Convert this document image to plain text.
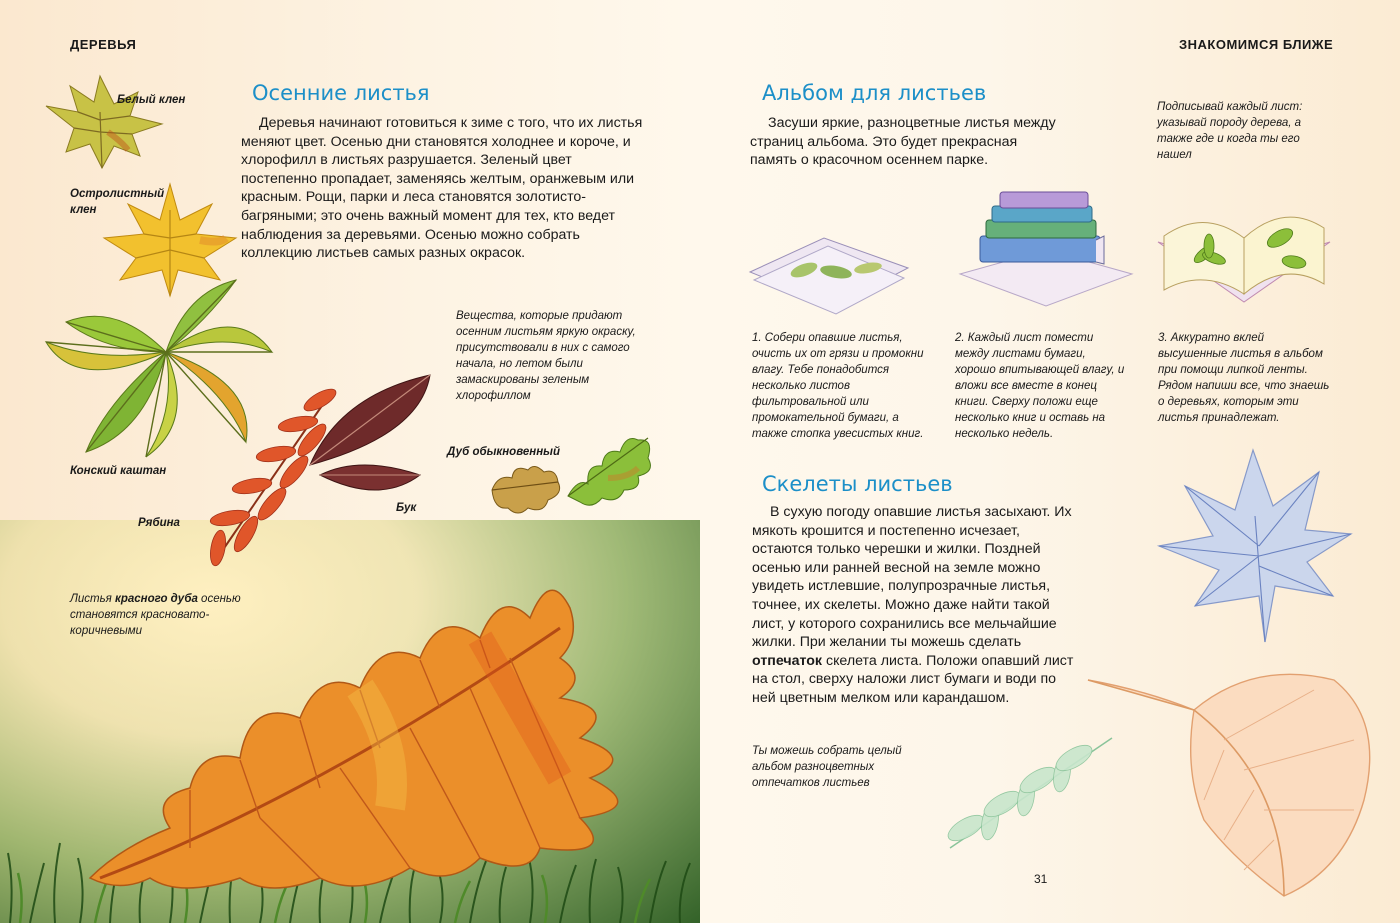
ДЕРЕВЬЯ
Осенние листья

Деревья начинают готовиться к зиме с того, что их листья меняют цвет. Осенью дни становятся холоднее и короче, и хлорофилл в листьях разрушается. Зеленый цвет постепенно пропадает, заменяясь желтым, оранжевым или красным. Рощи, парки и леса становятся золотисто-багряными; это очень важный момент для тех, кто ведет наблюдения за деревьями. Осенью можно собрать коллекцию листьев самых разных окрасок.

Белый клен
Остролистный клен
Конский каштан
Бук
Рябина
Вещества, которые придают осенним листьям яркую окраску, присутствовали в них с самого начала, но летом были замаскированы зеленым хлорофиллом
Дуб обыкновенный
Листья красного дуба осенью становятся красновато-коричневыми
ЗНАКОМИМСЯ БЛИЖЕ
Альбом для листьев

Засуши яркие, разноцветные листья между страниц альбома. Это будет прекрасная память о красочном осеннем парке.

Подписывай каждый лист: указывай породу дерева, а также где и когда ты его нашел
1. Собери опавшие листья, очисть их от грязи и промокни влагу. Тебе понадобится несколько листов фильтровальной или промокательной бумаги, а также стопка увесистых книг.
2. Каждый лист помести между листами бумаги, хорошо впитывающей влагу, и вложи все вместе в конец книги. Сверху положи еще несколько книг и оставь на несколько недель.
3. Аккуратно вклей высушенные листья в альбом при помощи липкой ленты. Рядом напиши все, что знаешь о деревьях, которым эти листья принадлежат.
Скелеты листьев

В сухую погоду опавшие листья засыхают. Их мякоть крошится и постепенно исчезает, остаются только черешки и жилки. Поздней осенью или ранней весной на земле можно увидеть истлевшие, полупрозрачные листья, точнее, их скелеты. Можно даже найти такой лист, у которого сохранились все мельчайшие жилки. При желании ты можешь сделать отпечаток скелета листа. Положи опавший лист на стол, сверху наложи лист бумаги и води по ней цветным мелком или карандашом.

Ты можешь собрать целый альбом разноцветных отпечатков листьев
31
